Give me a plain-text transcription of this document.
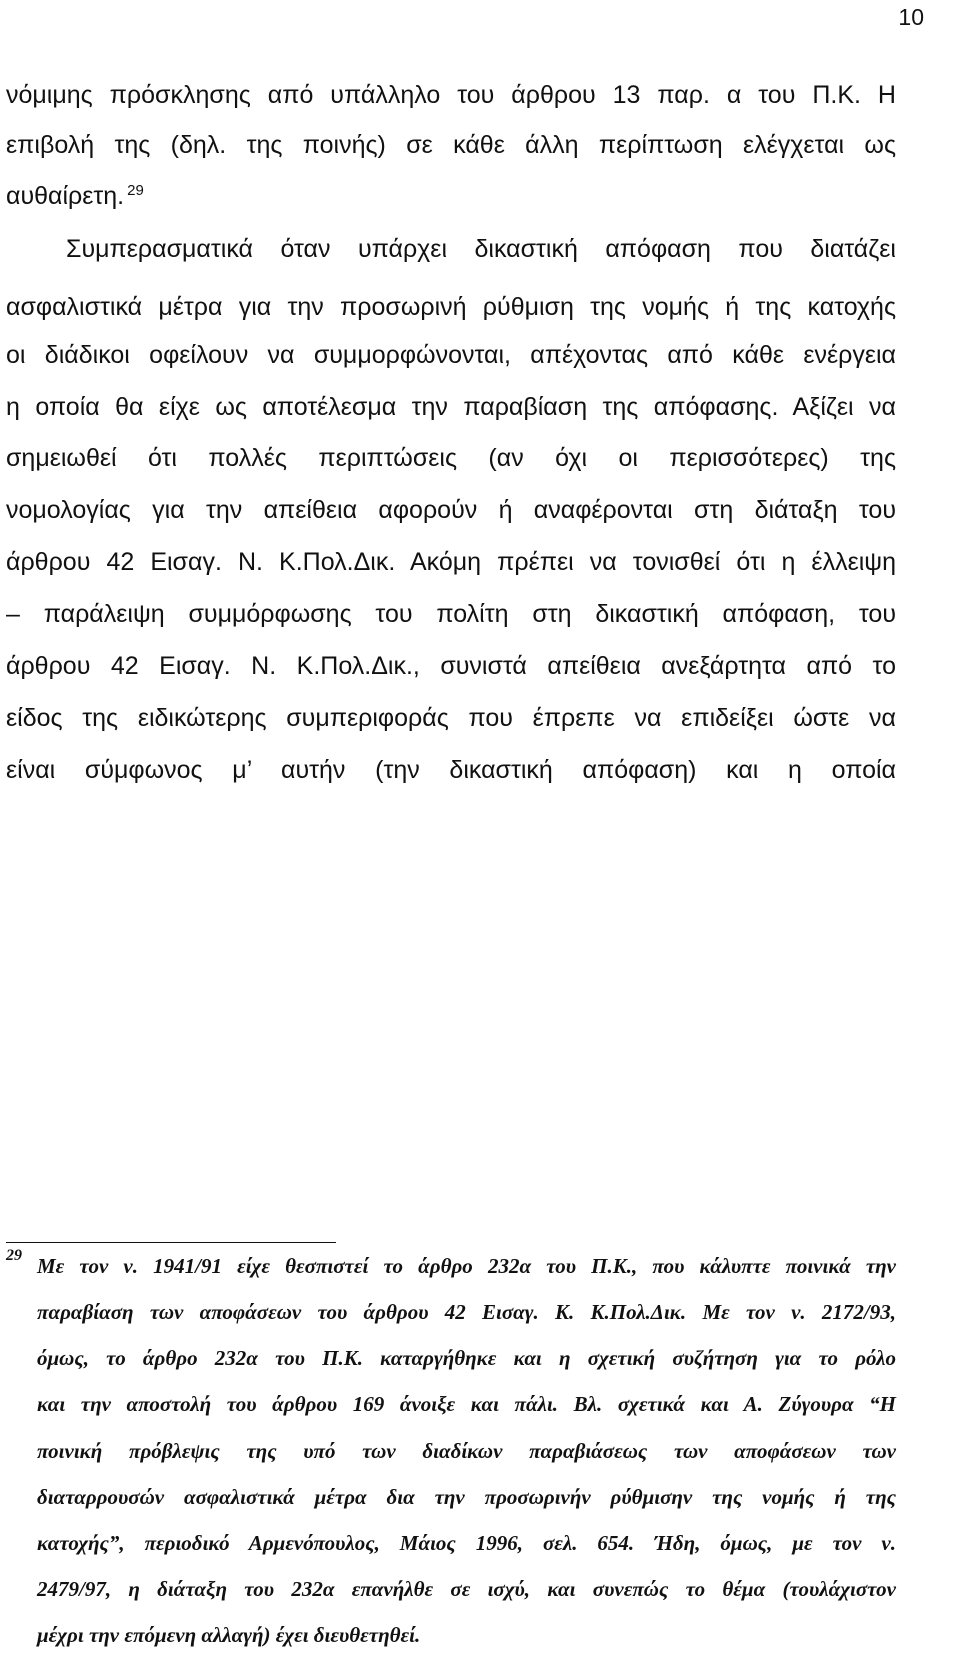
10
νόμιμης πρόσκλησης από υπάλληλο του άρθρου 13 παρ. α του Π.Κ. Η
επιβολή της (δηλ. της ποινής) σε κάθε άλλη περίπτωση ελέγχεται ως
αυθαίρετη. $^{29}$
Συμπερασματικά όταν υπάρχει δικαστική απόφαση που διατάζει
ασφαλιστικά μέτρα για την προσωρινή ρύθμιση της νομής ή της κατοχής
οι διάδικοι οφείλουν να συμμορφώνονται, απέχοντας από κάθε ενέργεια
η οποία θα είχε ως αποτέλεσμα την παραβίαση της απόφασης. Αξίζει να
σημειωθεί ότι πολλές περιπτώσεις (αν όχι οι περισσότερες) της
νομολογίας για την απείθεια αφορούν ή αναφέρονται στη διάταξη του
άρθρου 42 Εισαγ. Ν. Κ.Πολ.Δικ. Ακόμη πρέπει να τονισθεί ότι η έλλειψη
– παράλειψη συμμόρφωσης του πολίτη στη δικαστική απόφαση, του
άρθρου 42 Εισαγ. Ν. Κ.Πολ.Δικ., συνιστά απείθεια ανεξάρτητα από το
είδος της ειδικώτερης συμπεριφοράς που έπρεπε να επιδείξει ώστε να
είναι σύμφωνος μ’ αυτήν (την δικαστική απόφαση) και η οποία
29 Με τον ν. 1941/91 είχε θεσπιστεί το άρθρο 232α του Π.Κ., που κάλυπτε ποινικά την
παραβίαση των αποφάσεων του άρθρου 42 Εισαγ. Κ. Κ.Πολ.Δικ. Με τον ν. 2172/93,
όμως, το άρθρο 232α του Π.Κ. καταργήθηκε και η σχετική συζήτηση για το ρόλο
και την αποστολή του άρθρου 169 άνοιξε και πάλι. Βλ. σχετικά και Α. Ζύγουρα “Η
ποινική πρόβλεψις της υπό των διαδίκων παραβιάσεως των αποφάσεων των
διαταρρουσών ασφαλιστικά μέτρα δια την προσωρινήν ρύθμισην της νομής ή της
κατοχής”, περιοδικό Αρμενόπουλος, Μάιος 1996, σελ. 654. Ήδη, όμως, με τον ν.
2479/97, η διάταξη του 232α επανήλθε σε ισχύ, και συνεπώς το θέμα (τουλάχιστον
μέχρι την επόμενη αλλαγή) έχει διευθετηθεί.
